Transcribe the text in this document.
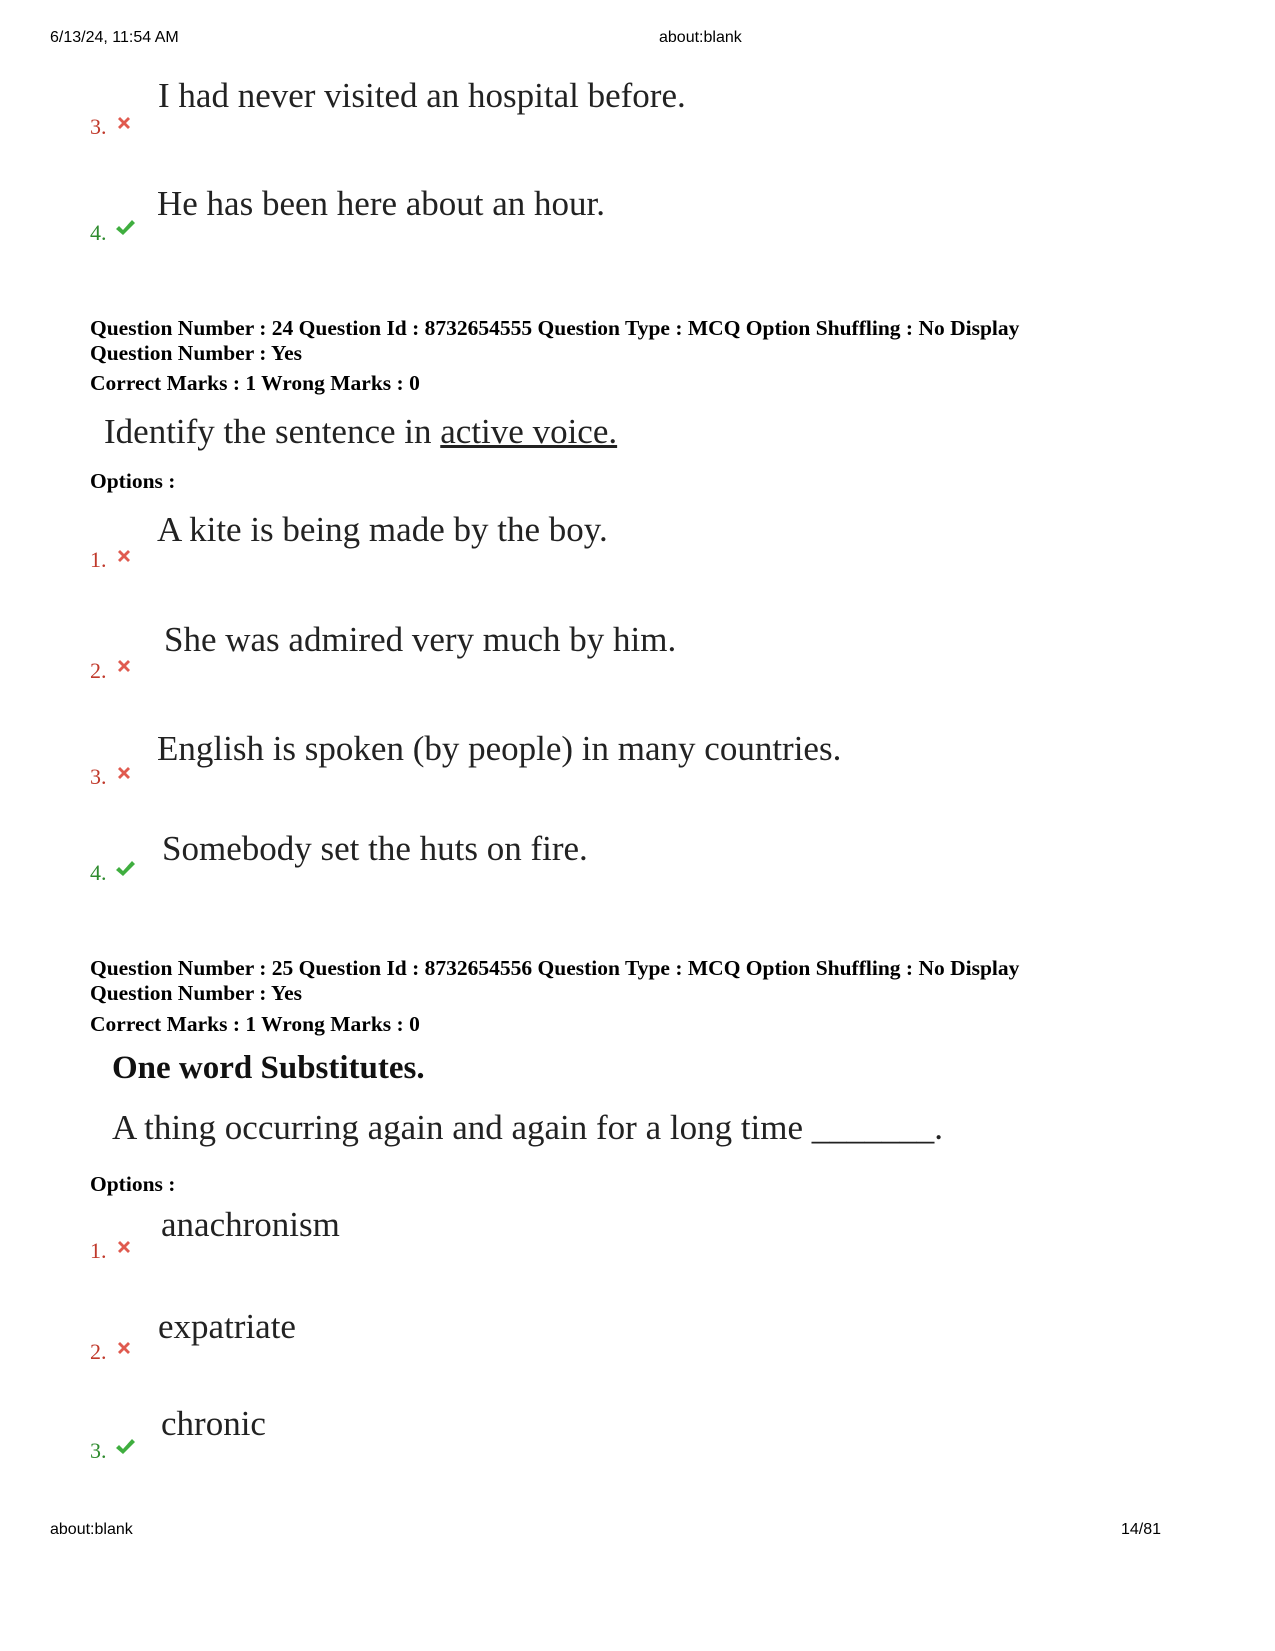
6/13/24, 11:54 AM	about:blank
3.
I had never visited an hospital before.
4.
He has been here about an hour.
Question Number : 24 Question Id : 8732654555 Question Type : MCQ Option Shuffling : No Display
Question Number : Yes
Correct Marks : 1 Wrong Marks : 0
Identify the sentence in active voice.
Options :
1.
A kite is being made by the boy.
2.
She was admired very much by him.
3.
English is spoken (by people) in many countries.
4.
Somebody set the huts on fire.
Question Number : 25 Question Id : 8732654556 Question Type : MCQ Option Shuffling : No Display
Question Number : Yes
Correct Marks : 1 Wrong Marks : 0
One word Substitutes.
A thing occurring again and again for a long time _______.
Options :
1.
anachronism
2.
expatriate
3.
chronic
about:blank	14/81
